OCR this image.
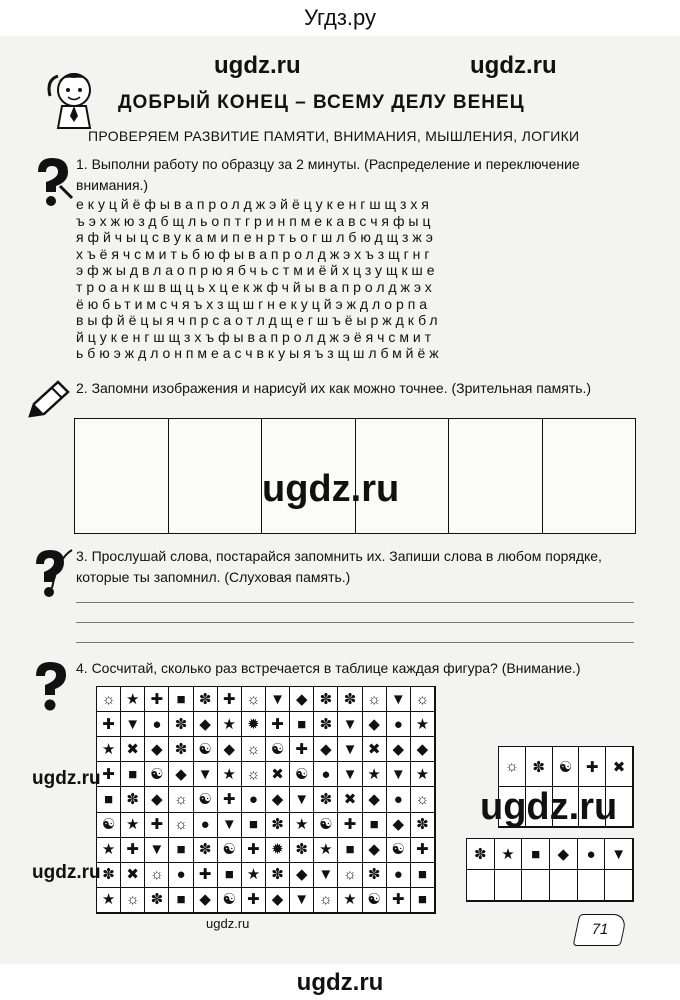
Угдз.ру
ugdz.ru	ugdz.ru
ДОБРЫЙ КОНЕЦ – ВСЕМУ ДЕЛУ ВЕНЕЦ
ПРОВЕРЯЕМ РАЗВИТИЕ ПАМЯТИ, ВНИМАНИЯ, МЫШЛЕНИЯ, ЛОГИКИ
1. Выполни работу по образцу за 2 минуты. (Распределение и переключение внимания.)
екуцйёфывапролджэйёцукенгшщзхя
ъэхжюздбщльоптгринпмекавсчяфыц
яфйчыцсвукамипенртьогшлбюдщзжэ
хъёячсмитьбюфывапролджэхъзщгнг
эфжыдвлаопрюябчьстмиёйхцзущкше
троанкшвщцьхцекжфчйывапролджэх
ёюбьтимсчяъхзщшгнекуцйэждлорпа
выфйёцыячпрсаотлдщегшъёырждкбл
йцукенгшщзхъфывапролджэёячсмит
ьбюэждлонпмеасчвкуыяъзщшлбмйёж
2. Запомни изображения и нарисуй их как можно точнее. (Зрительная память.)
ugdz.ru
3. Прослушай слова, постарайся запомнить их. Запиши слова в любом порядке, которые ты запомнил. (Слуховая память.)
4. Сосчитай, сколько раз встречается в таблице каждая фигура? (Внимание.)
☼ ★ ✚ ■ ✽ ✚ ☼ ▼ ◆ ✽ ✽ ☼ ▼ ☼
✚ ▼ ● ✽ ◆ ★ ✹ ✚ ■ ✽ ▼ ◆ ● ★
★ ✖ ◆ ✽ ☯ ◆ ☼ ☯ ✚ ◆ ▼ ✖ ◆ ◆
✚ ■ ☯ ◆ ▼ ★ ☼ ✖ ☯ ● ▼ ★ ▼ ★
■ ✽ ◆ ☼ ☯ ✚ ● ◆ ▼ ✽ ✖ ◆ ● ☼
☯ ★ ✚ ☼ ● ▼ ■ ✽ ★ ☯ ✚ ■ ◆ ✽
★ ✚ ▼ ■ ✽ ☯ ✚ ✹ ✽ ★ ■ ◆ ☯ ✚
✽ ✖ ☼ ● ✚ ■ ★ ✽ ◆ ▼ ☼ ✽ ●	■
★ ☼ ✽ ■ ◆ ☯ ✚ ◆ ▼ ☼ ★ ☯ ✚ ■
☼ ✽ ☯ ✚ ✖
✽ ★	■	◆	●	▼
ugdz.ru
ugdz.ru
ugdz.ru
ugdz.ru	71
ugdz.ru
